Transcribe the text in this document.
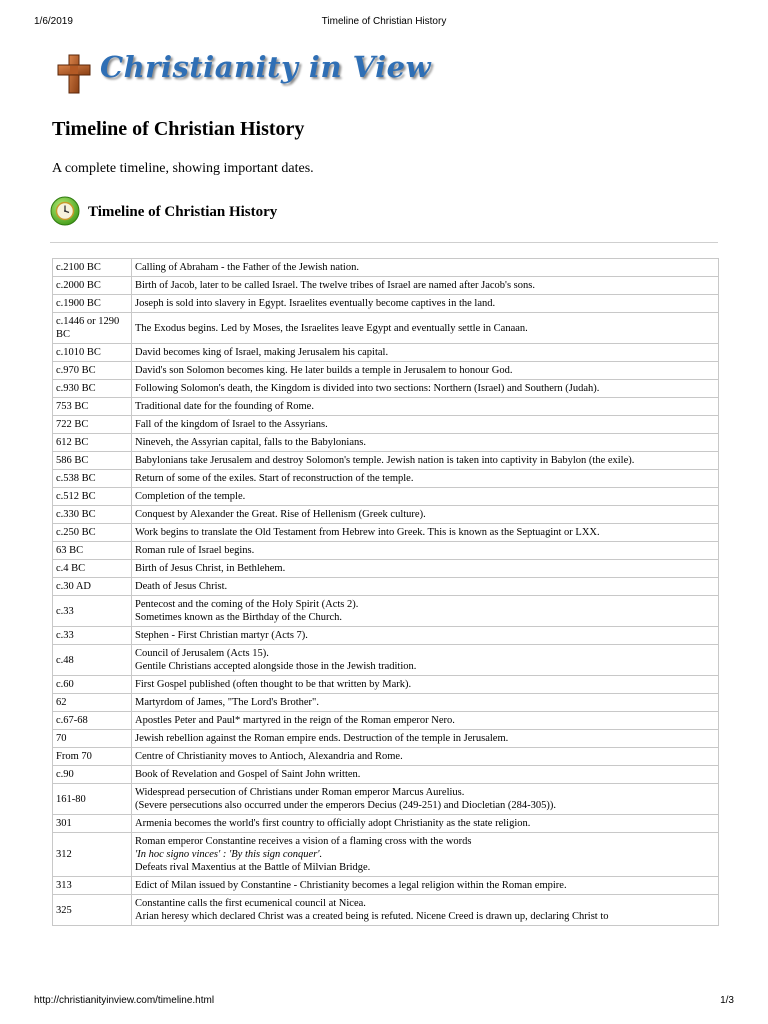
1/6/2019	Timeline of Christian History
Christianity in View
Timeline of Christian History

A complete timeline, showing important dates.

Timeline of Christian History
c.2100 BC	Calling of Abraham - the Father of the Jewish nation.

c.2000 BC	Birth of Jacob, later to be called Israel. The twelve tribes of Israel are named after Jacob's sons.

c.1900 BC	Joseph is sold into slavery in Egypt. Israelites eventually become captives in the land.

c.1446 or 1290 BC	The Exodus begins. Led by Moses, the Israelites leave Egypt and eventually settle in Canaan.

c.1010 BC	David becomes king of Israel, making Jerusalem his capital.

c.970 BC	David's son Solomon becomes king. He later builds a temple in Jerusalem to honour God.

c.930 BC	Following Solomon's death, the Kingdom is divided into two sections: Northern (Israel) and Southern (Judah).

753 BC	Traditional date for the founding of Rome.

722 BC	Fall of the kingdom of Israel to the Assyrians.

612 BC	Nineveh, the Assyrian capital, falls to the Babylonians.

586 BC	Babylonians take Jerusalem and destroy Solomon's temple. Jewish nation is taken into captivity in Babylon (the exile).

c.538 BC	Return of some of the exiles. Start of reconstruction of the temple.

c.512 BC	Completion of the temple.

c.330 BC	Conquest by Alexander the Great. Rise of Hellenism (Greek culture).

c.250 BC	Work begins to translate the Old Testament from Hebrew into Greek. This is known as the Septuagint or LXX.

63 BC	Roman rule of Israel begins.

c.4 BC	Birth of Jesus Christ, in Bethlehem.

c.30 AD	Death of Jesus Christ.

c.33	Pentecost and the coming of the Holy Spirit (Acts 2).
Sometimes known as the Birthday of the Church.

c.33	Stephen - First Christian martyr (Acts 7).

c.48	Council of Jerusalem (Acts 15).
Gentile Christians accepted alongside those in the Jewish tradition.

c.60	First Gospel published (often thought to be that written by Mark).

62	Martyrdom of James, "The Lord's Brother".

c.67-68	Apostles Peter and Paul* martyred in the reign of the Roman emperor Nero.

70	Jewish rebellion against the Roman empire ends. Destruction of the temple in Jerusalem.

From 70	Centre of Christianity moves to Antioch, Alexandria and Rome.

c.90	Book of Revelation and Gospel of Saint John written.

161-80	Widespread persecution of Christians under Roman emperor Marcus Aurelius.
(Severe persecutions also occurred under the emperors Decius (249-251) and Diocletian (284-305)).

301	Armenia becomes the world's first country to officially adopt Christianity as the state religion.

312	Roman emperor Constantine receives a vision of a flaming cross with the words
'In hoc signo vinces' : 'By this sign conquer'.
Defeats rival Maxentius at the Battle of Milvian Bridge.

313	Edict of Milan issued by Constantine - Christianity becomes a legal religion within the Roman empire.

325	Constantine calls the first ecumenical council at Nicea.
Arian heresy which declared Christ was a created being is refuted. Nicene Creed is drawn up, declaring Christ to
http://christianityinview.com/timeline.html	1/3
